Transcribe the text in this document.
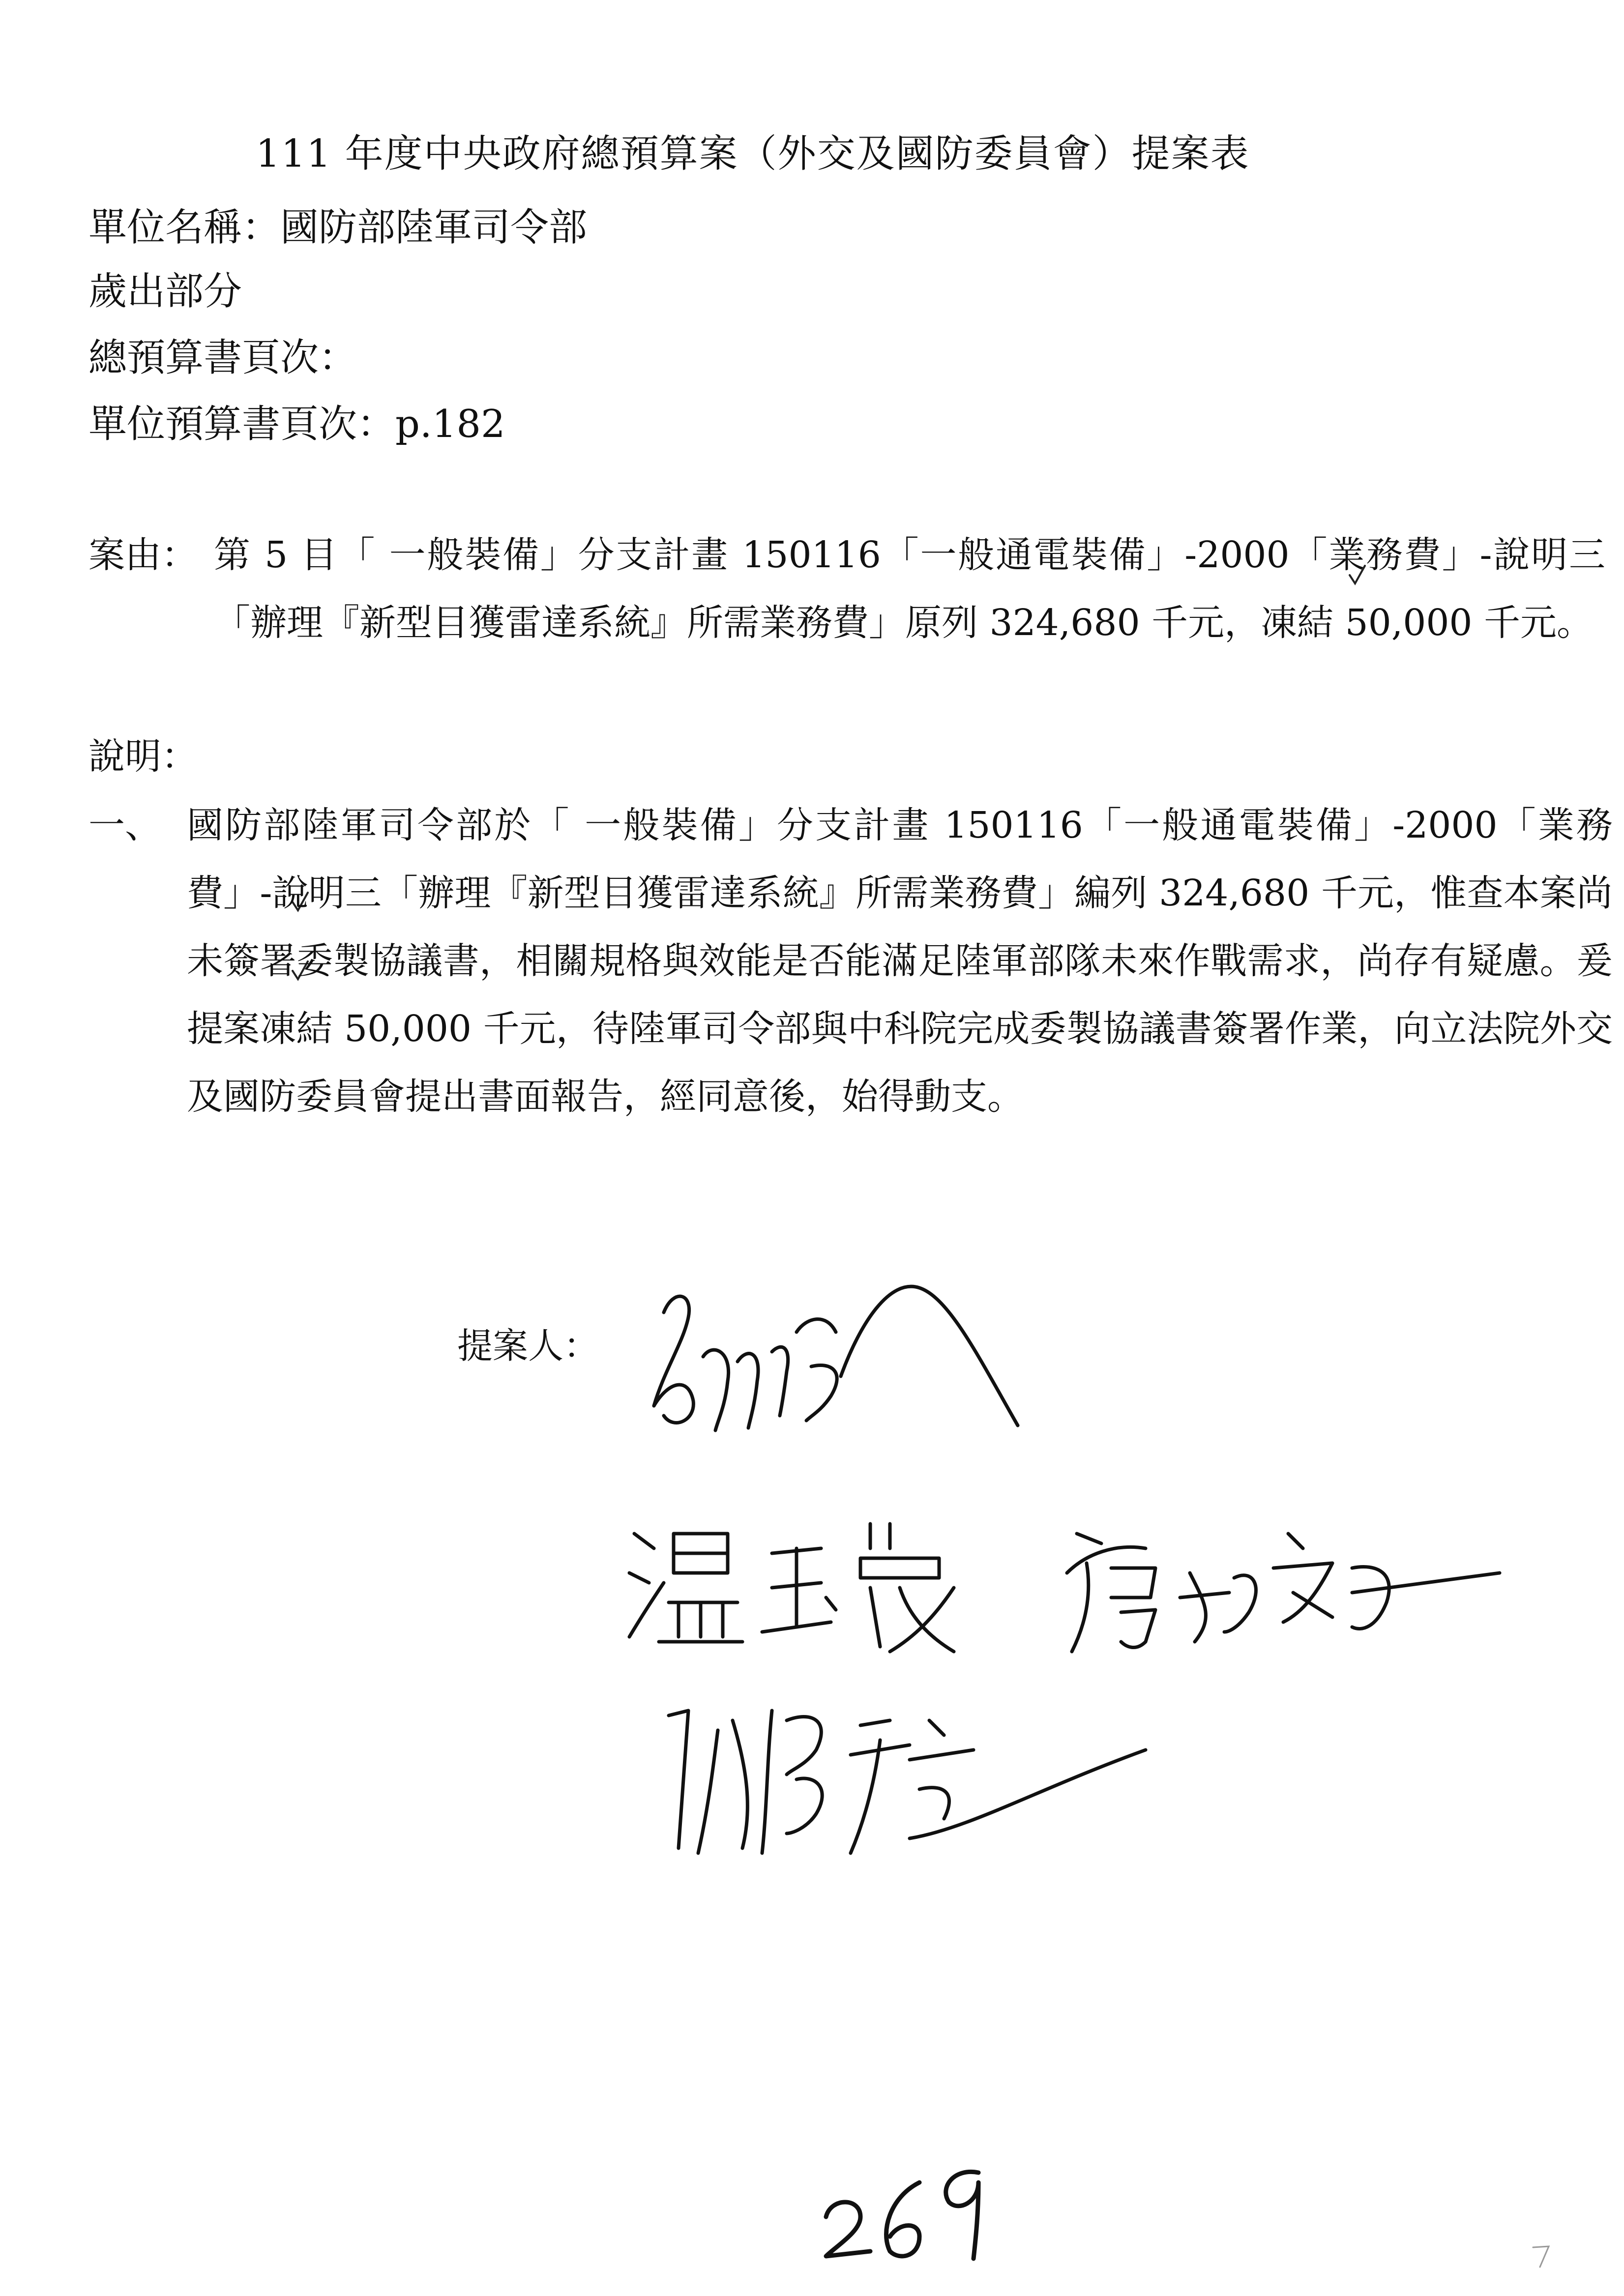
111 年度中央政府總預算案（外交及國防委員會）提案表
單位名稱：國防部陸軍司令部
歲出部分
總預算書頁次：
單位預算書頁次：p.182
案由： 第 5 目「 一般裝備」分支計畫 150116「一般通電裝備」-2000「業務費」-說明三「辦理『新型目獲雷達系統』所需業務費」原列 324,680 千元，凍結 50,000 千元。
說明：
一、 國防部陸軍司令部於「 一般裝備」分支計畫 150116「一般通電裝備」-2000「業務費」-說明三「辦理『新型目獲雷達系統』所需業務費」編列 324,680 千元，惟查本案尚未簽署委製協議書，相關規格與效能是否能滿足陸軍部隊未來作戰需求，尚存有疑慮。爰提案凍結 50,000 千元，待陸軍司令部與中科院完成委製協議書簽署作業，向立法院外交及國防委員會提出書面報告，經同意後，始得動支。
提案人：
